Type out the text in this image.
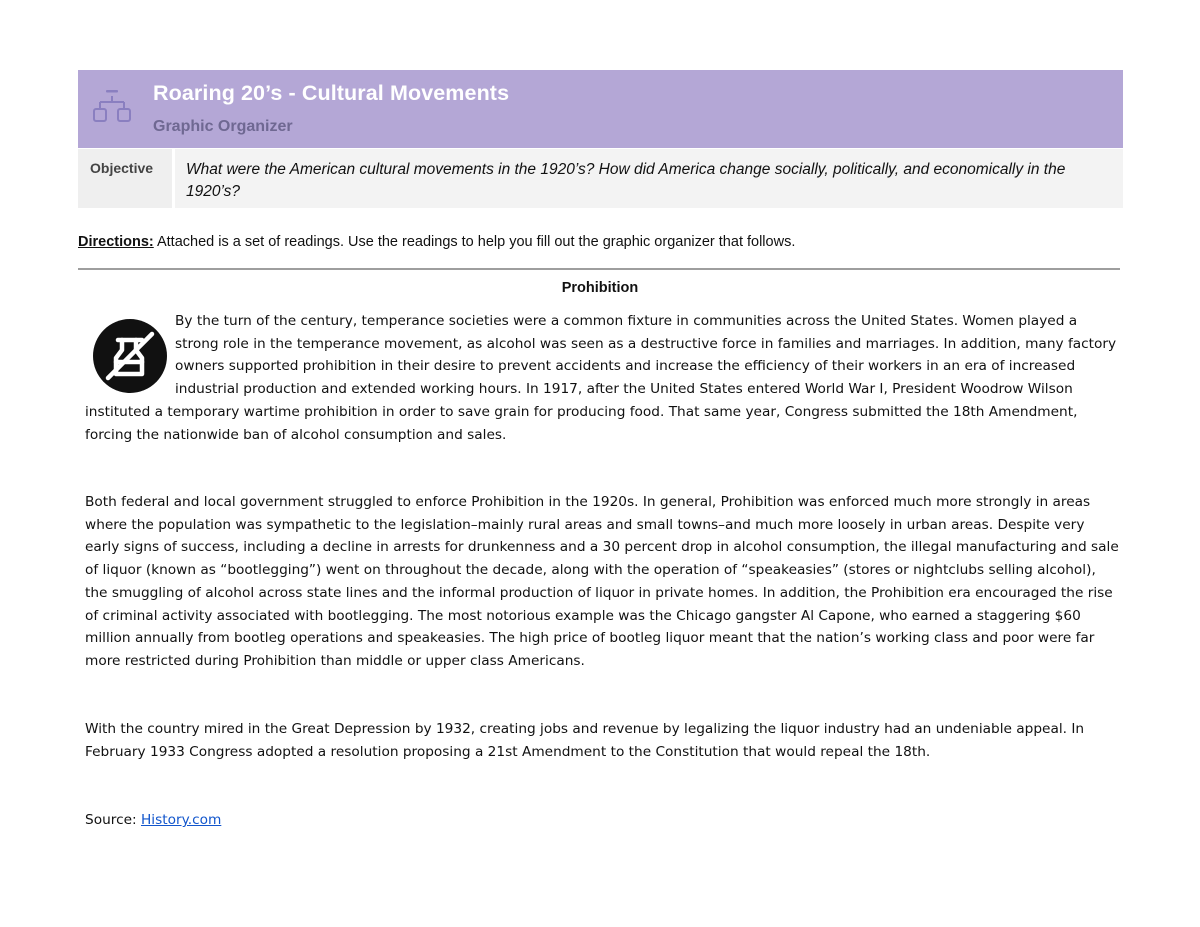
Roaring 20’s - Cultural Movements
Graphic Organizer
Objective	What were the American cultural movements in the 1920’s? How did America change socially, politically, and economically in the 1920’s?
Directions: Attached is a set of readings. Use the readings to help you fill out the graphic organizer that follows.
Prohibition

By the turn of the century, temperance societies were a common fixture in communities across the United States. Women played a strong role in the temperance movement, as alcohol was seen as a destructive force in families and marriages. In addition, many factory owners supported prohibition in their desire to prevent accidents and increase the efficiency of their workers in an era of increased industrial production and extended working hours. In 1917, after the United States entered World War I, President Woodrow Wilson instituted a temporary wartime prohibition in order to save grain for producing food. That same year, Congress submitted the 18th Amendment, forcing the nationwide ban of alcohol consumption and sales.

Both federal and local government struggled to enforce Prohibition in the 1920s. In general, Prohibition was enforced much more strongly in areas where the population was sympathetic to the legislation–mainly rural areas and small towns–and much more loosely in urban areas. Despite very early signs of success, including a decline in arrests for drunkenness and a 30 percent drop in alcohol consumption, the illegal manufacturing and sale of liquor (known as “bootlegging”) went on throughout the decade, along with the operation of “speakeasies” (stores or nightclubs selling alcohol), the smuggling of alcohol across state lines and the informal production of liquor in private homes. In addition, the Prohibition era encouraged the rise of criminal activity associated with bootlegging. The most notorious example was the Chicago gangster Al Capone, who earned a staggering $60 million annually from bootleg operations and speakeasies. The high price of bootleg liquor meant that the nation’s working class and poor were far more restricted during Prohibition than middle or upper class Americans.

With the country mired in the Great Depression by 1932, creating jobs and revenue by legalizing the liquor industry had an undeniable appeal. In February 1933 Congress adopted a resolution proposing a 21st Amendment to the Constitution that would repeal the 18th.

Source: History.com
